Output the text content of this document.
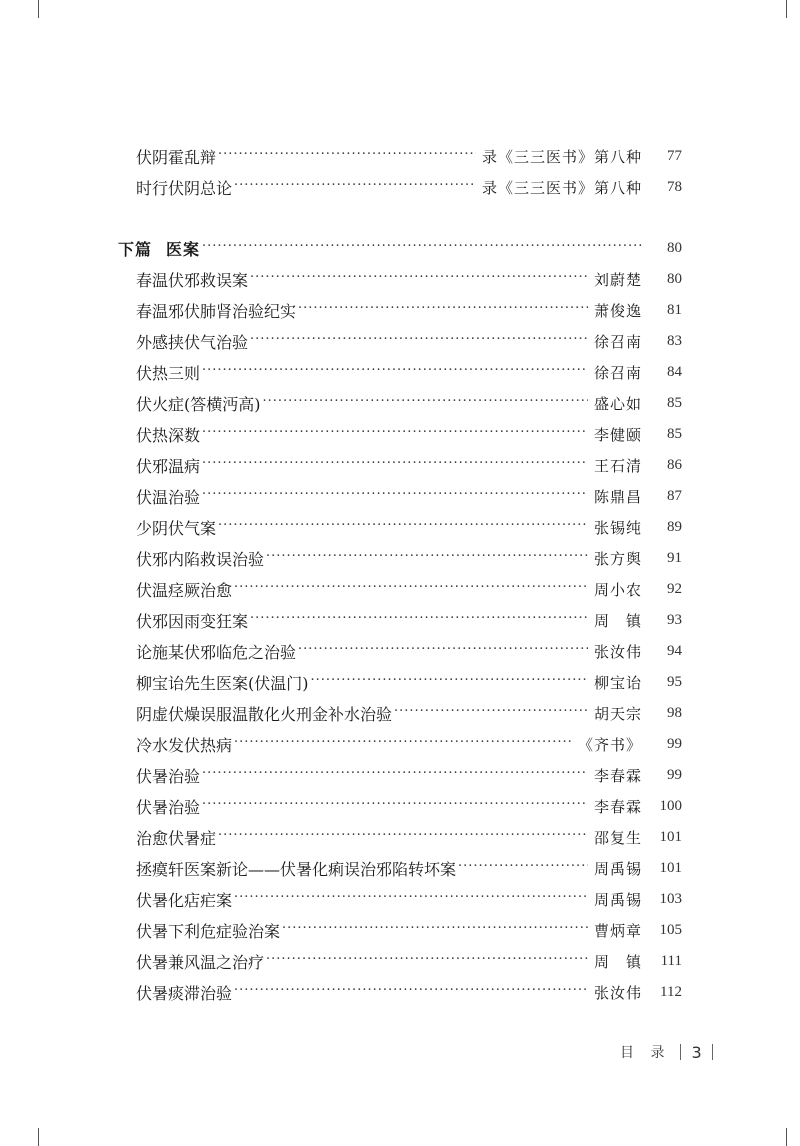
伏阴霍乱辩 ·····	录《三三医书》第八种	77
时行伏阴总论 ·····	录《三三医书》第八种	78
下篇 医案 ·····	80
春温伏邪救误案 ·····	刘蔚楚	80
春温邪伏肺肾治验纪实 ·····	萧俊逸	81
外感挟伏气治验 ·····	徐召南	83
伏热三则 ·····	徐召南	84
伏火症(答横沔高) ·····	盛心如	85
伏热深数 ·····	李健颐	85
伏邪温病 ·····	王石清	86
伏温治验 ·····	陈鼎昌	87
少阴伏气案 ·····	张锡纯	89
伏邪内陷救误治验 ·····	张方舆	91
伏温痉厥治愈 ·····	周小农	92
伏邪因雨变狂案 ·····	周　镇	93
论施某伏邪临危之治验 ·····	张汝伟	94
柳宝诒先生医案(伏温门) ·····	柳宝诒	95
阴虚伏燥误服温散化火刑金补水治验 ·····	胡天宗	98
冷水发伏热病 ·····	《齐书》	99
伏暑治验 ·····	李春霖	99
伏暑治验 ·····	李春霖	100
治愈伏暑症 ·····	邵复生	101
拯瘼轩医案新论——伏暑化痢误治邪陷转坏案 ·····	周禹锡	101
伏暑化痁疟案 ·····	周禹锡	103
伏暑下利危症验治案 ·····	曹炳章	105
伏暑兼风温之治疗 ·····	周　镇	111
伏暑痰滞治验 ·····	张汝伟	112
目 录 3
